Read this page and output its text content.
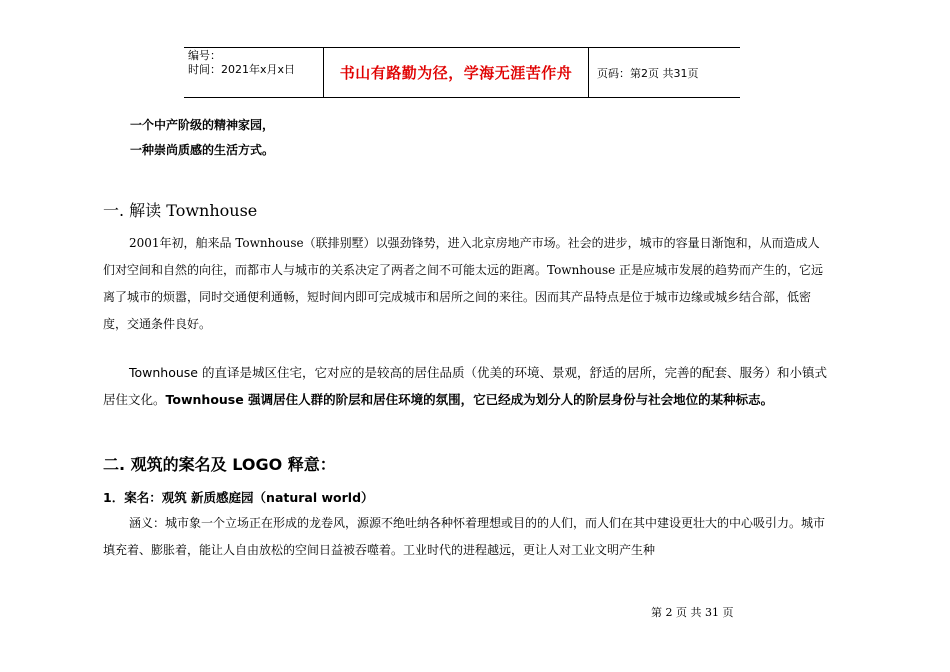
编号：
时间：2021年x月x日	书山有路勤为径，学海无涯苦作舟	页码：第2页 共31页
一个中产阶级的精神家园，
一种崇尚质感的生活方式。
一. 解读 Townhouse
2001年初，舶来品 Townhouse（联排别墅）以强劲锋势，进入北京房地产市场。社会的进步，城市的容量日渐饱和，从而造成人们对空间和自然的向往，而都市人与城市的关系决定了两者之间不可能太远的距离。Townhouse 正是应城市发展的趋势而产生的，它远离了城市的烦嚣，同时交通便利通畅，短时间内即可完成城市和居所之间的来往。因而其产品特点是位于城市边缘或城乡结合部，低密度，交通条件良好。
Townhouse 的直译是城区住宅，它对应的是较高的居住品质（优美的环境、景观，舒适的居所，完善的配套、服务）和小镇式居住文化。Townhouse 强调居住人群的阶层和居住环境的氛围，它已经成为划分人的阶层身份与社会地位的某种标志。
二. 观筑的案名及 LOGO 释意：
1．案名：观筑 新质感庭园（natural world）
涵义：城市象一个立场正在形成的龙卷风，源源不绝吐纳各种怀着理想或目的的人们，而人们在其中建设更壮大的中心吸引力。城市填充着、膨胀着，能让人自由放松的空间日益被吞噬着。工业时代的进程越远，更让人对工业文明产生种
第 2 页 共 31 页
